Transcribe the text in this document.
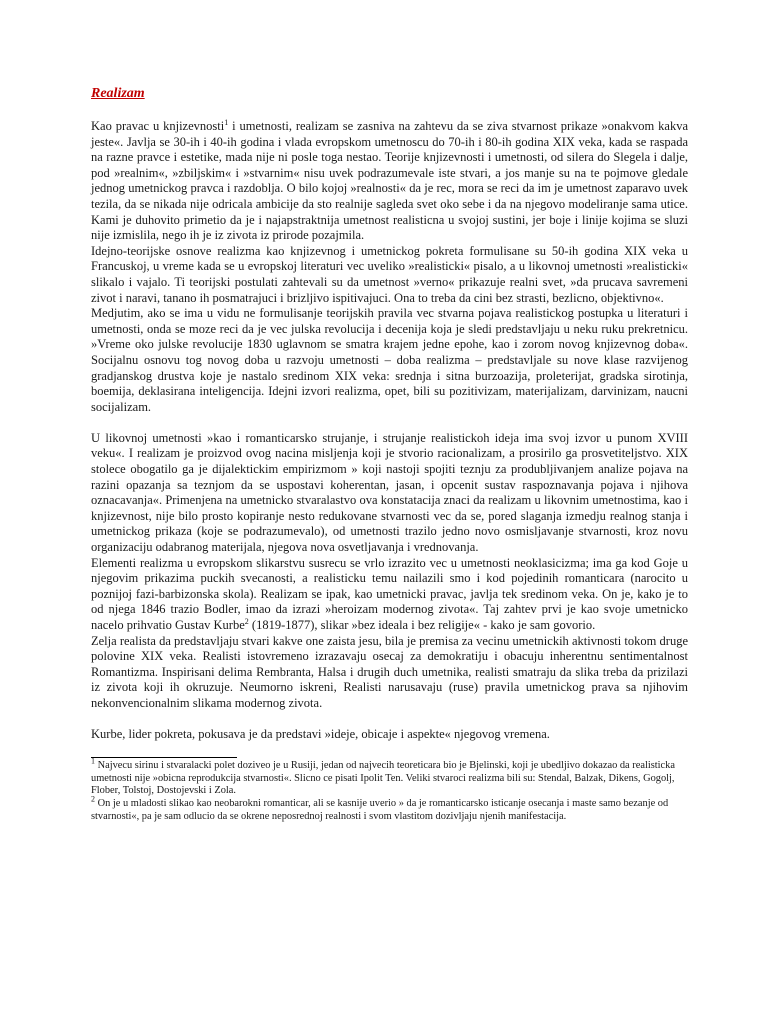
Realizam

Kao pravac u knjizevnosti$^1$ i umetnosti, realizam se zasniva na zahtevu da se ziva stvarnost prikaze »onakvom kakva jeste«. Javlja se 30-ih i 40-ih godina i vlada evropskom umetnoscu do 70-ih i 80-ih godina XIX veka, kada se raspada na razne pravce i estetike, mada nije ni posle toga nestao. Teorije knjizevnosti i umetnosti, od silera do Slegela i dalje, pod »realnim«, »zbiljskim« i »stvarnim« nisu uvek podrazumevale iste stvari, a jos manje su na te pojmove gledale jednog umetnickog pravca i razdoblja. O bilo kojoj »realnosti« da je rec, mora se reci da im je umetnost zaparavo uvek tezila, da se nikada nije odricala ambicije da sto realnije sagleda svet oko sebe i da na njegovo modeliranje sama utice. Kami je duhovito primetio da je i najapstraktnija umetnost realisticna u svojoj sustini, jer boje i linije kojima se sluzi nije izmislila, nego ih je iz zivota iz prirode pozajmila.

Idejno-teorijske osnove realizma kao knjizevnog i umetnickog pokreta formulisane su 50-ih godina XIX veka u Francuskoj, u vreme kada se u evropskoj literaturi vec uveliko »realisticki« pisalo, a u likovnoj umetnosti »realisticki« slikalo i vajalo. Ti teorijski postulati zahtevali su da umetnost »verno« prikazuje realni svet, »da prucava savremeni zivot i naravi, tanano ih posmatrajuci i brizljivo ispitivajuci. Ona to treba da cini bez strasti, bezlicno, objektivno«.

Medjutim, ako se ima u vidu ne formulisanje teorijskih pravila vec stvarna pojava realistickog postupka u literaturi i umetnosti, onda se moze reci da je vec julska revolucija i decenija koja je sledi predstavljaju u neku ruku prekretnicu. »Vreme oko julske revolucije 1830 uglavnom se smatra krajem jedne epohe, kao i zorom novog knjizevnog doba«. Socijalnu osnovu tog novog doba u razvoju umetnosti – doba realizma – predstavljale su nove klase razvijenog gradjanskog drustva koje je nastalo sredinom XIX veka: srednja i sitna burzoazija, proleterijat, gradska sirotinja, boemija, deklasirana inteligencija. Idejni izvori realizma, opet, bili su pozitivizam, materijalizam, darvinizam, naucni socijalizam.

U likovnoj umetnosti »kao i romanticarsko strujanje, i strujanje realistickoh ideja ima svoj izvor u punom XVIII veku«. I realizam je proizvod ovog nacina misljenja koji je stvorio racionalizam, a prosirilo ga prosvetiteljstvo. XIX stolece obogatilo ga je dijalektickim empirizmom » koji nastoji spojiti teznju za produbljivanjem analize pojava na razini opazanja sa teznjom da se uspostavi koherentan, jasan, i opcenit sustav raspoznavanja pojava i njihova oznacavanja«. Primenjena na umetnicko stvaralastvo ova konstatacija znaci da realizam u likovnim umetnostima, kao i knjizevnost, nije bilo prosto kopiranje nesto redukovane stvarnosti vec da se, pored slaganja izmedju realnog stanja i umetnickog prikaza (koje se podrazumevalo), od umetnosti trazilo jedno novo osmisljavanje stvarnosti, kroz novu organizaciju odabranog materijala, njegova nova osvetljavanja i vrednovanja.

Elementi realizma u evropskom slikarstvu susrecu se vrlo izrazito vec u umetnosti neoklasicizma; ima ga kod Goje u njegovim prikazima puckih svecanosti, a realisticku temu nailazili smo i kod pojedinih romanticara (narocito u poznijoj fazi-barbizonska skola). Realizam se ipak, kao umetnicki pravac, javlja tek sredinom veka. On je, kako je to od njega 1846 trazio Bodler, imao da izrazi »heroizam modernog zivota«. Taj zahtev prvi je kao svoje umetnicko nacelo prihvatio Gustav Kurbe$^2$ (1819-1877), slikar »bez ideala i bez religije« - kako je sam govorio.

Zelja realista da predstavljaju stvari kakve one zaista jesu, bila je premisa za vecinu umetnickih aktivnosti tokom druge polovine XIX veka. Realisti istovremeno izrazavaju osecaj za demokratiju i obacuju inherentnu sentimentalnost Romantizma. Inspirisani delima Rembranta, Halsa i drugih duch umetnika, realisti smatraju da slika treba da prizilazi iz zivota koji ih okruzuje. Neumorno iskreni, Realisti narusavaju (ruse) pravila umetnickog prava sa njihovim nekonvencionalnim slikama modernog zivota.

Kurbe, lider pokreta, pokusava je da predstavi »ideje, obicaje i aspekte« njegovog vremena.

$^1$ Najvecu sirinu i stvaralacki polet doziveo je u Rusiji, jedan od najvecih teoreticara bio je Bjelinski, koji je ubedljivo dokazao da realisticka umetnosti nije »obicna reprodukcija stvarnosti«. Slicno ce pisati Ipolit Ten. Veliki stvaroci realizma bili su: Stendal, Balzak, Dikens, Gogolj, Flober, Tolstoj, Dostojevski i Zola.

$^2$ On je u mladosti slikao kao neobarokni romanticar, ali se kasnije uverio » da je romanticarsko isticanje osecanja i maste samo bezanje od stvarnosti«, pa je sam odlucio da se okrene neposrednoj realnosti i svom vlastitom dozivljaju njenih manifestacija.
